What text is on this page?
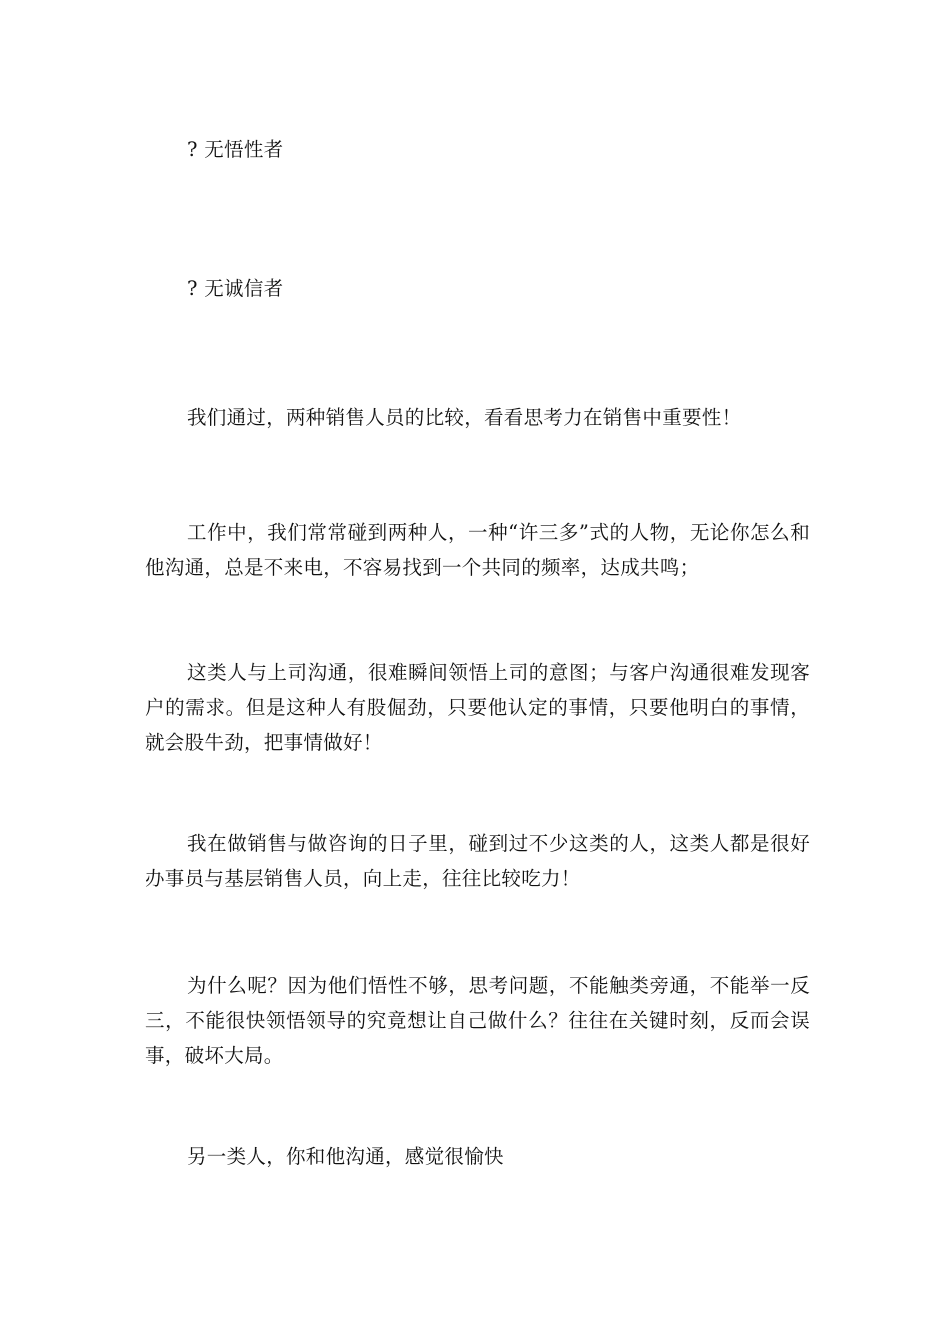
? 无悟性者

? 无诚信者

我们通过，两种销售人员的比较，看看思考力在销售中重要性！

工作中，我们常常碰到两种人，一种“许三多”式的人物，无论你怎么和他沟通，总是不来电，不容易找到一个共同的频率，达成共鸣；

这类人与上司沟通，很难瞬间领悟上司的意图；与客户沟通很难发现客户的需求。但是这种人有股倔劲，只要他认定的事情，只要他明白的事情，就会股牛劲，把事情做好！

我在做销售与做咨询的日子里，碰到过不少这类的人，这类人都是很好办事员与基层销售人员，向上走，往往比较吃力！

为什么呢？因为他们悟性不够，思考问题，不能触类旁通，不能举一反三，不能很快领悟领导的究竟想让自己做什么？往往在关键时刻，反而会误事，破坏大局。

另一类人，你和他沟通，感觉很愉快
